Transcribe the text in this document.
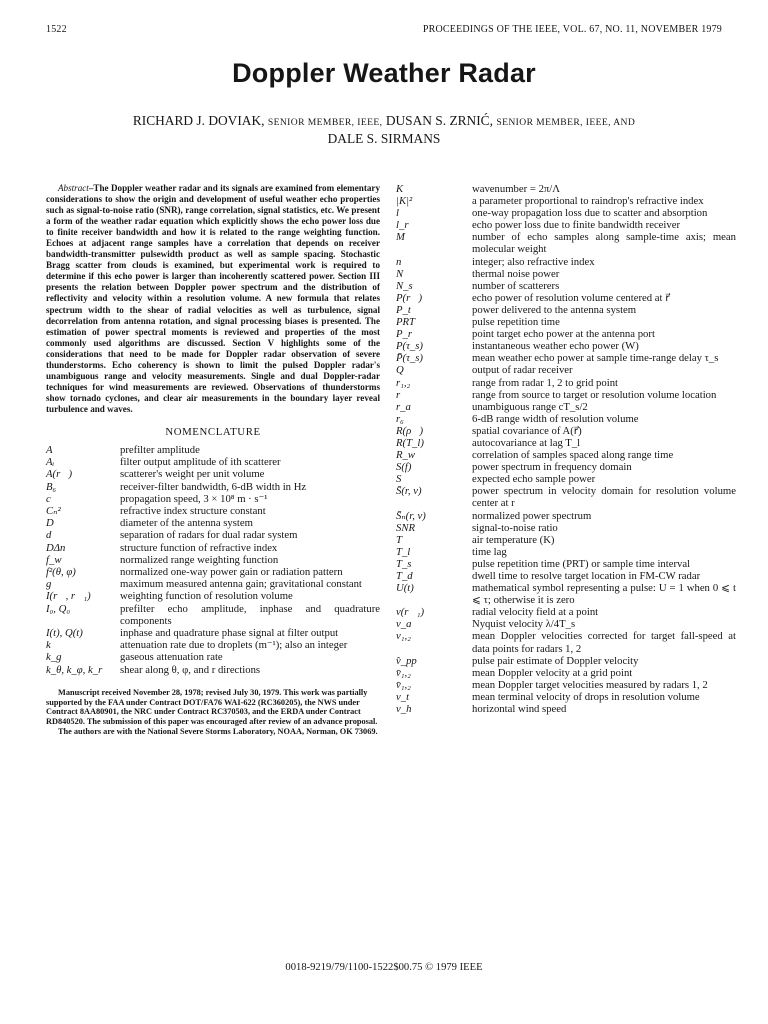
1522	PROCEEDINGS OF THE IEEE, VOL. 67, NO. 11, NOVEMBER 1979
Doppler Weather Radar
RICHARD J. DOVIAK, SENIOR MEMBER, IEEE, DUSAN S. ZRNIĆ, SENIOR MEMBER, IEEE, AND
DALE S. SIRMANS

Abstract–The Doppler weather radar and its signals are examined from elementary considerations to show the origin and development of useful weather echo properties such as signal-to-noise ratio (SNR), range correlation, signal statistics, etc. We present a form of the weather radar equation which explicitly shows the echo power loss due to finite receiver bandwidth and how it is related to the range weighting function. Echoes at adjacent range samples have a correlation that depends on receiver bandwidth-transmitter pulsewidth product as well as sample spacing. Stochastic Bragg scatter from clouds is examined, but experimental work is required to determine if this echo power is larger than incoherently scattered power. Section III presents the relation between Doppler power spectrum and the distribution of reflectivity and velocity within a resolution volume. A new formula that relates spectrum width to the shear of radial velocities as well as turbulence, signal decorrelation from antenna rotation, and signal processing biases is presented. The estimation of power spectral moments is reviewed and properties of the most commonly used algorithms are discussed. Section V highlights some of the considerations that need to be made for Doppler radar observation of severe thunderstorms. Echo coherency is shown to limit the pulsed Doppler radar's unambiguous range and velocity measurements. Single and dual Doppler-radar techniques for wind measurements are reviewed. Observations of thunderstorms show tornado cyclones, and clear air measurements in the boundary layer reveal turbulence and waves.

NOMENCLATURE
A	prefilter amplitude
Aᵢ	filter output amplitude of ith scatterer
A(r⃗)	scatterer's weight per unit volume
B₆	receiver-filter bandwidth, 6-dB width in Hz
c	propagation speed, 3 × 10⁸ m · s⁻¹
Cₙ²	refractive index structure constant
D	diameter of the antenna system
d	separation of radars for dual radar system
DΔn	structure function of refractive index
f_w	normalized range weighting function
f²(θ, φ)	normalized one-way power gain or radiation pattern
g	maximum measured antenna gain; gravitational constant
I(r⃗, r⃗₁)	weighting function of resolution volume
I₀, Q₀	prefilter echo amplitude, inphase and quadrature components
I(t), Q(t)	inphase and quadrature phase signal at filter output
k	attenuation rate due to droplets (m⁻¹); also an integer
k_g	gaseous attenuation rate
k_θ, k_φ, k_r	shear along θ, φ, and r directions

Manuscript received November 28, 1978; revised July 30, 1979. This work was partially supported by the FAA under Contract DOT/FA76 WAI-622 (RC360205), the NWS under Contract 8AA80901, the NRC under Contract RC370503, and the ERDA under Contract RD840520. The submission of this paper was encouraged after review of an advance proposal.

The authors are with the National Severe Storms Laboratory, NOAA, Norman, OK 73069.

K	wavenumber = 2π/Λ
|K|²	a parameter proportional to raindrop's refractive index
l	one-way propagation loss due to scatter and absorption
l_r	echo power loss due to finite bandwidth receiver
M	number of echo samples along sample-time axis; mean molecular weight
n	integer; also refractive index
N	thermal noise power
N_s	number of scatterers
P(r⃗)	echo power of resolution volume centered at r⃗
P_t	power delivered to the antenna system
PRT	pulse repetition time
P_r	point target echo power at the antenna port
P(τ_s)	instantaneous weather echo power (W)
P̄(τ_s)	mean weather echo power at sample time-range delay τ_s
Q	output of radar receiver
r₁,₂	range from radar 1, 2 to grid point
r	range from source to target or resolution volume location
r_a	unambiguous range cT_s/2
r₆	6-dB range width of resolution volume
R(ρ⃗)	spatial covariance of A(r⃗)
R(T_l)	autocovariance at lag T_l
R_w	correlation of samples spaced along range time
S(f)	power spectrum in frequency domain
S	expected echo sample power
S̄(r, v)	power spectrum in velocity domain for resolution volume center at r
S̄ₙ(r, v)	normalized power spectrum
SNR	signal-to-noise ratio
T	air temperature (K)
T_l	time lag
T_s	pulse repetition time (PRT) or sample time interval
T_d	dwell time to resolve target location in FM-CW radar
U(t)	mathematical symbol representing a pulse: U = 1 when 0 ⩽ t ⩽ τ; otherwise it is zero
v(r⃗₁)	radial velocity field at a point
v_a	Nyquist velocity λ/4T_s
v₁,₂	mean Doppler velocities corrected for target fall-speed at data points for radars 1, 2
v̂_pp	pulse pair estimate of Doppler velocity
v̄₁,₂	mean Doppler velocity at a grid point
v̄₁,₂	mean Doppler target velocities measured by radars 1, 2
v_t	mean terminal velocity of drops in resolution volume
v_h	horizontal wind speed
0018-9219/79/1100-1522$00.75 © 1979 IEEE
